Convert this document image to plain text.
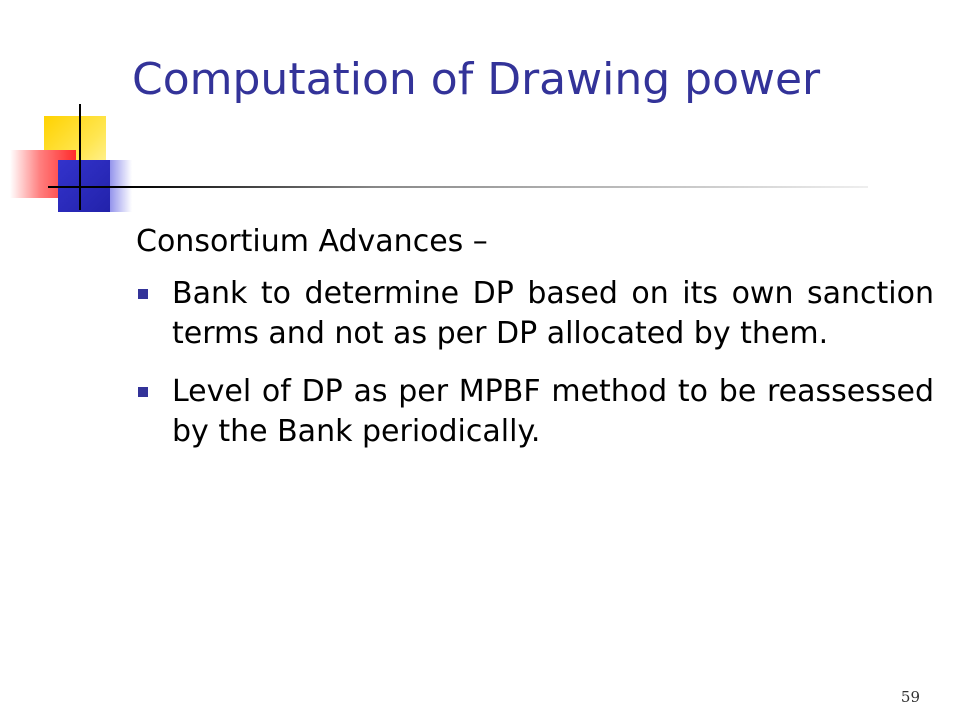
Computation of Drawing power

Consortium Advances –

Bank to determine DP based on its own sanction terms and not as per DP allocated by them.
Level of DP as per MPBF method to be reassessed by the Bank periodically.
59
